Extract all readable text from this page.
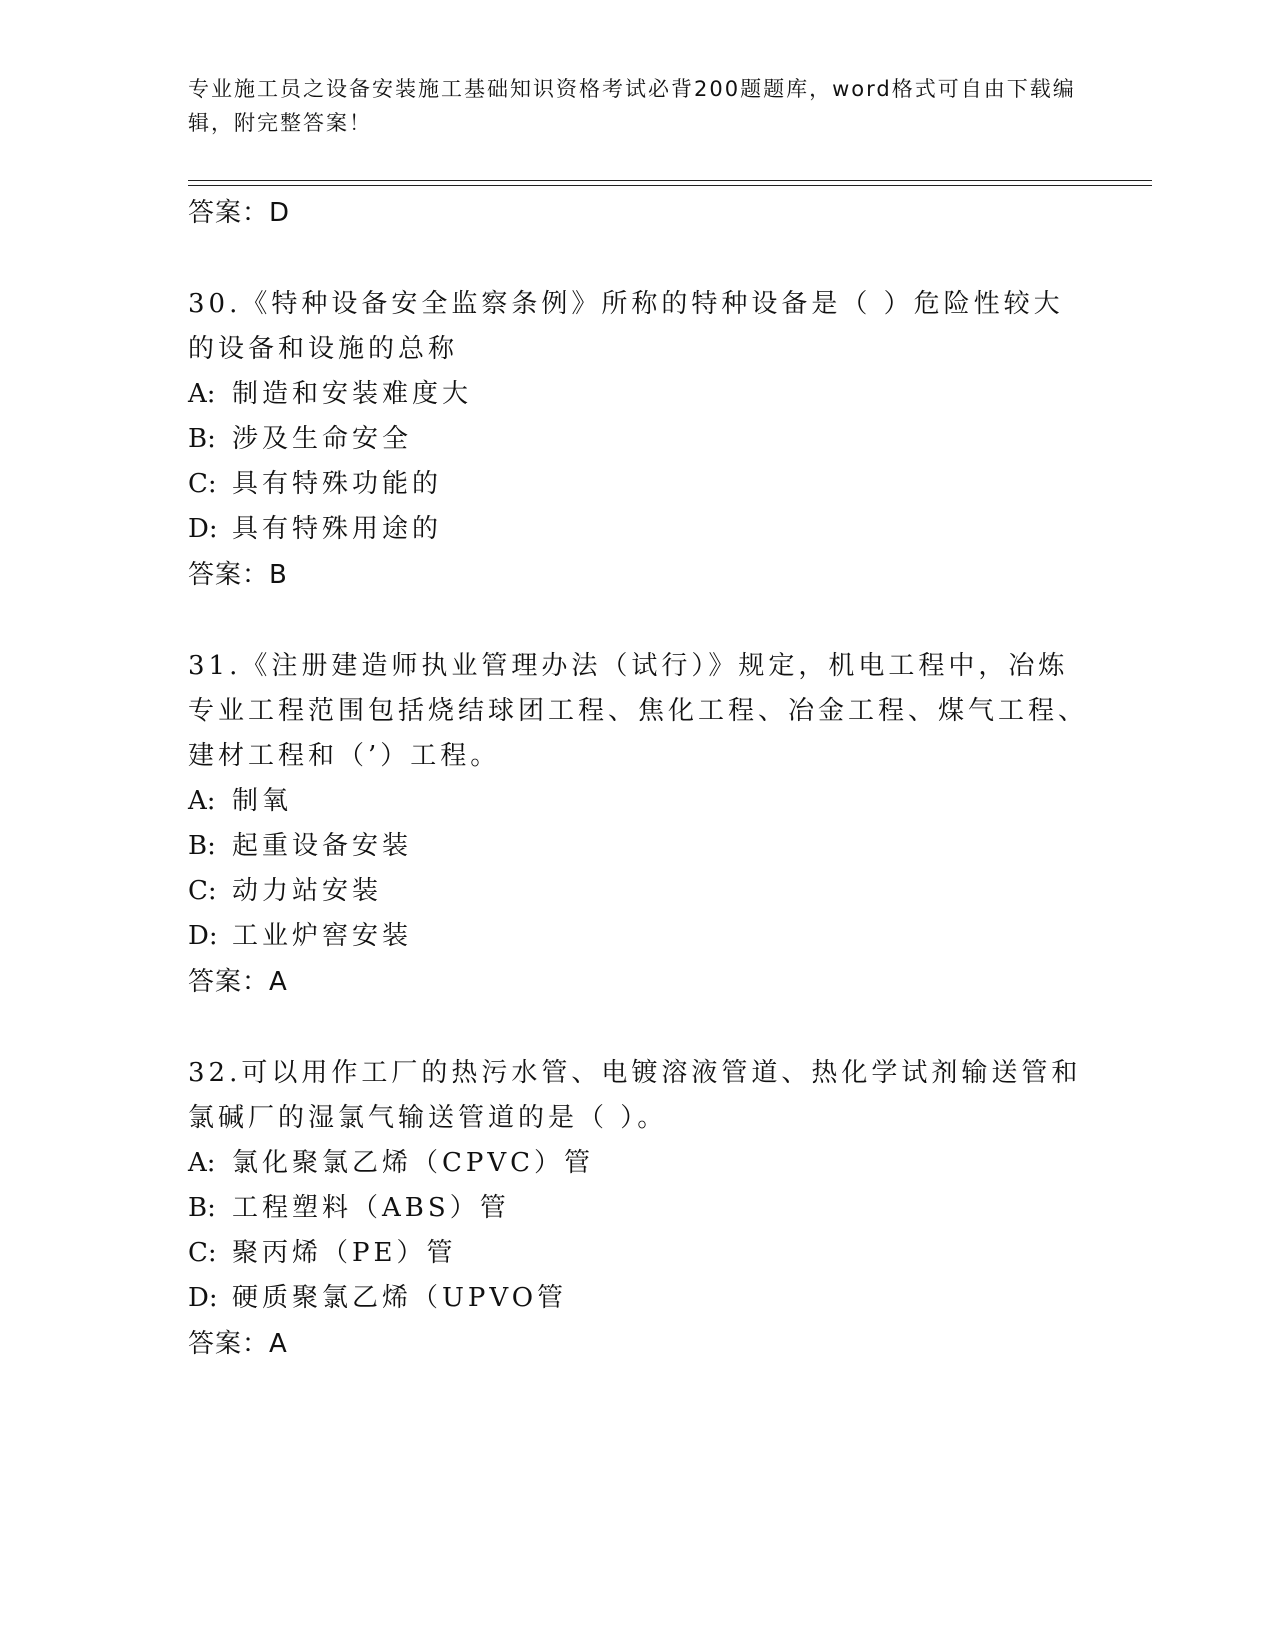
专业施工员之设备安装施工基础知识资格考试必背200题题库，word格式可自由下载编辑，附完整答案！
答案：D
30.《特种设备安全监察条例》所称的特种设备是（ ）危险性较大的设备和设施的总称
A: 制造和安装难度大
B: 涉及生命安全
C: 具有特殊功能的
D: 具有特殊用途的
答案：B
31.《注册建造师执业管理办法（试行）》规定，机电工程中，冶炼专业工程范围包括烧结球团工程、焦化工程、冶金工程、煤气工程、建材工程和（’）工程。
A: 制氧
B: 起重设备安装
C: 动力站安装
D: 工业炉窖安装
答案：A
32.可以用作工厂的热污水管、电镀溶液管道、热化学试剂输送管和氯碱厂的湿氯气输送管道的是（ ）。
A: 氯化聚氯乙烯（CPVC）管
B: 工程塑料（ABS）管
C: 聚丙烯（PE）管
D: 硬质聚氯乙烯（UPVO管
答案：A
